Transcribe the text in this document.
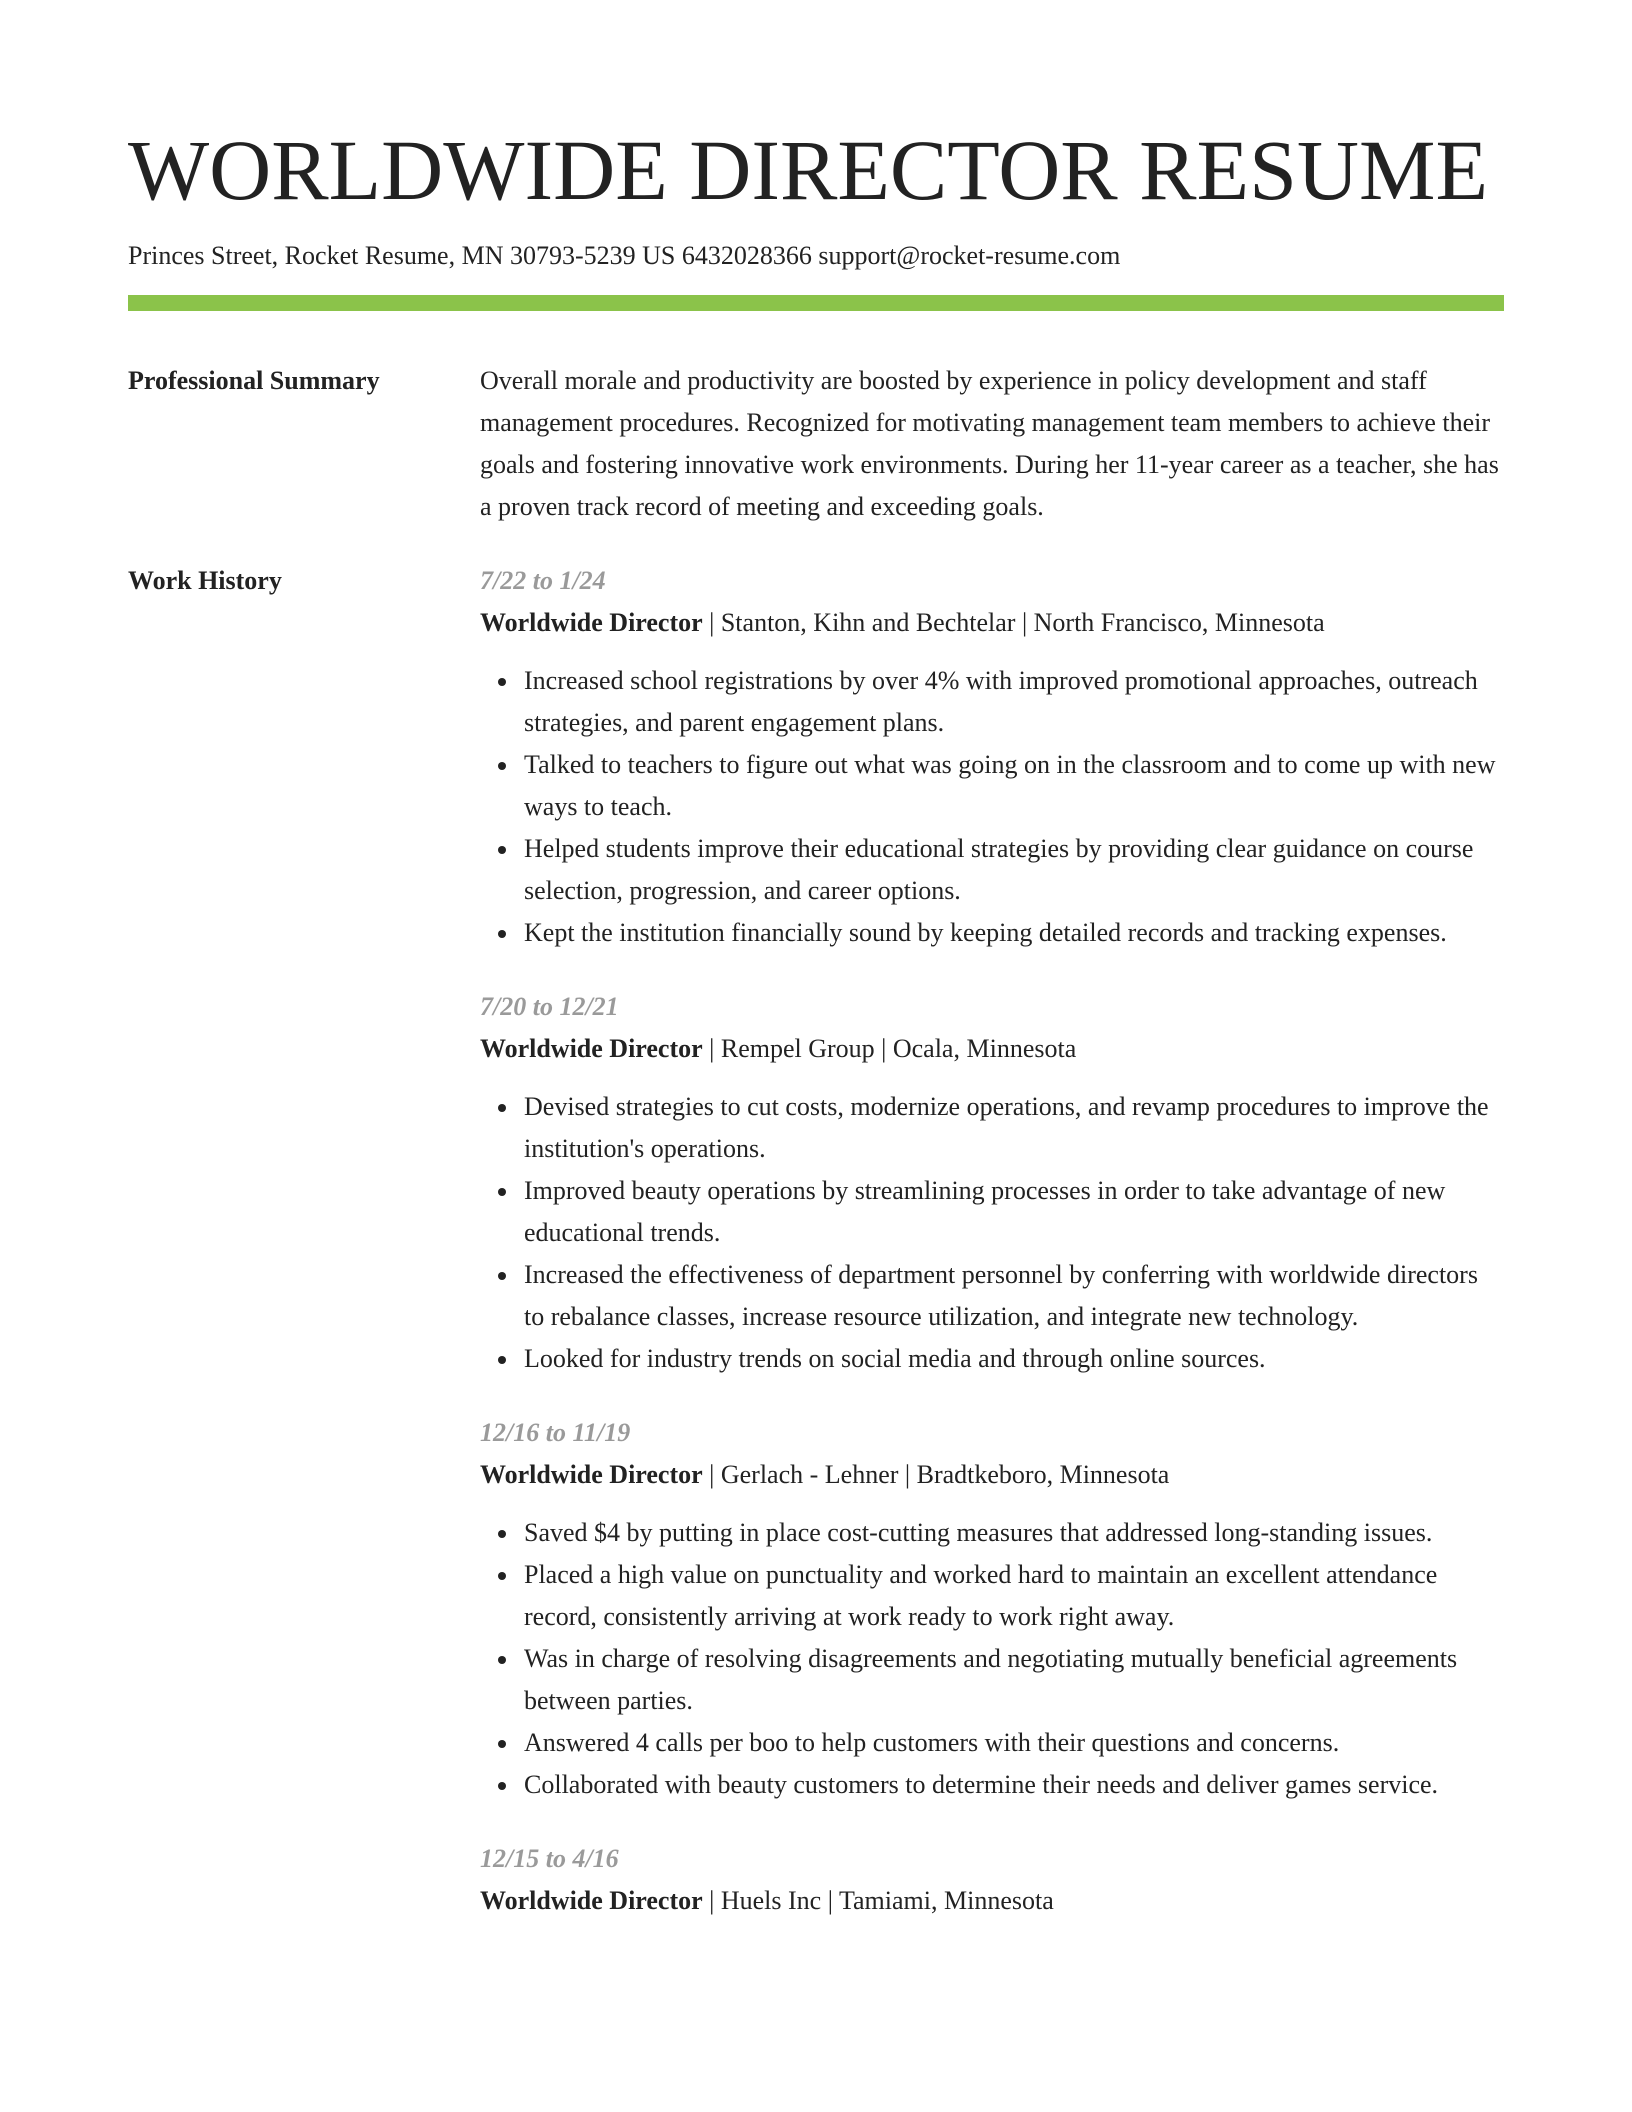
WORLDWIDE DIRECTOR RESUME
Princes Street, Rocket Resume, MN 30793-5239 US 6432028366 support@rocket-resume.com
Professional Summary	Overall morale and productivity are boosted by experience in policy development and staff management procedures. Recognized for motivating management team members to achieve their goals and fostering innovative work environments. During her 11-year career as a teacher, she has a proven track record of meeting and exceeding goals.
Work History	7/22 to 1/24
Worldwide Director | Stanton, Kihn and Bechtelar | North Francisco, Minnesota
Increased school registrations by over 4% with improved promotional approaches, outreach strategies, and parent engagement plans.
Talked to teachers to figure out what was going on in the classroom and to come up with new ways to teach.
Helped students improve their educational strategies by providing clear guidance on course selection, progression, and career options.
Kept the institution financially sound by keeping detailed records and tracking expenses.
7/20 to 12/21
Worldwide Director | Rempel Group | Ocala, Minnesota
Devised strategies to cut costs, modernize operations, and revamp procedures to improve the institution's operations.
Improved beauty operations by streamlining processes in order to take advantage of new educational trends.
Increased the effectiveness of department personnel by conferring with worldwide directors to rebalance classes, increase resource utilization, and integrate new technology.
Looked for industry trends on social media and through online sources.
12/16 to 11/19
Worldwide Director | Gerlach - Lehner | Bradtkeboro, Minnesota
Saved $4 by putting in place cost-cutting measures that addressed long-standing issues.
Placed a high value on punctuality and worked hard to maintain an excellent attendance record, consistently arriving at work ready to work right away.
Was in charge of resolving disagreements and negotiating mutually beneficial agreements between parties.
Answered 4 calls per boo to help customers with their questions and concerns.
Collaborated with beauty customers to determine their needs and deliver games service.
12/15 to 4/16
Worldwide Director | Huels Inc | Tamiami, Minnesota
